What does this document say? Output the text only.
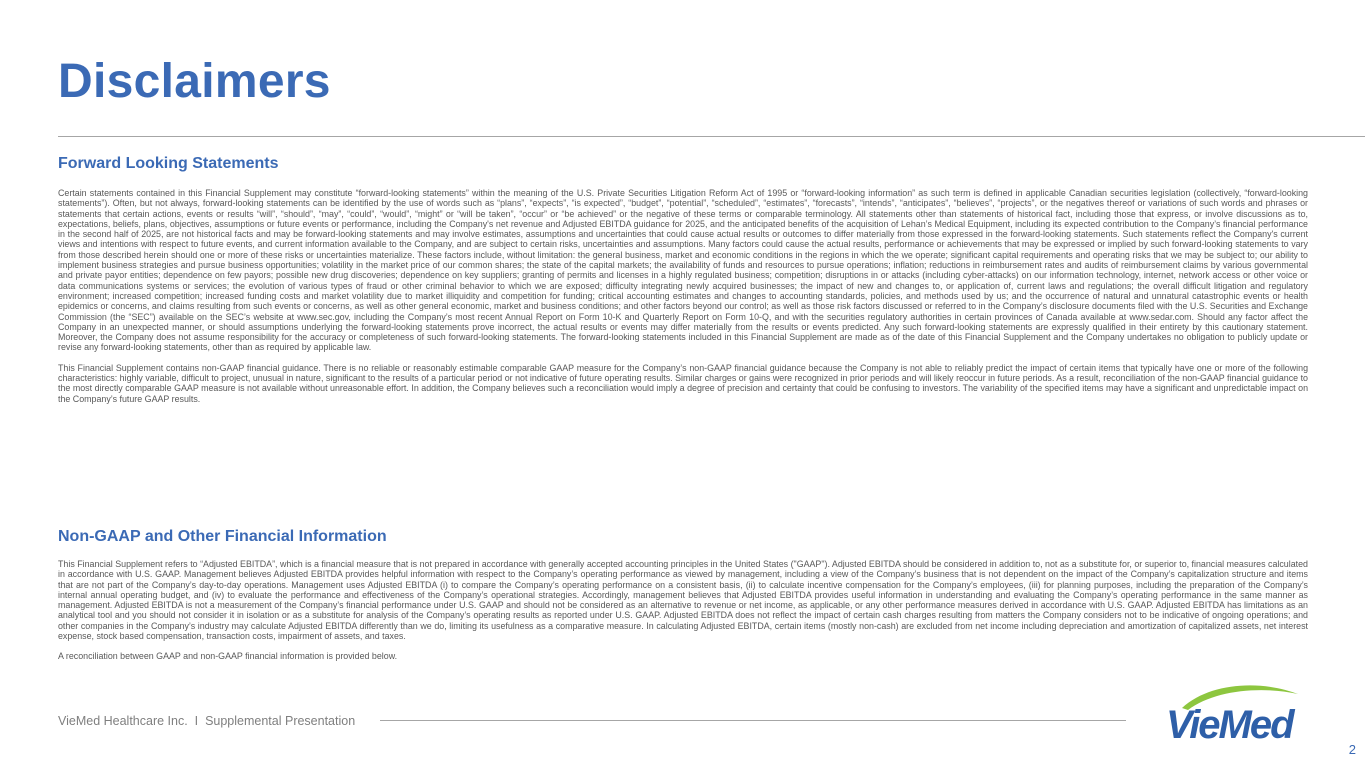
Disclaimers
Forward Looking Statements

Certain statements contained in this Financial Supplement may constitute “forward-looking statements” within the meaning of the U.S. Private Securities Litigation Reform Act of 1995 or “forward-looking information” as such term is defined in applicable Canadian securities legislation (collectively, “forward-looking statements”). Often, but not always, forward-looking statements can be identified by the use of words such as “plans”, “expects”, “is expected”, “budget”, “potential”, “scheduled”, “estimates”, “forecasts”, “intends”, “anticipates”, “believes”, “projects”, or the negatives thereof or variations of such words and phrases or statements that certain actions, events or results “will”, “should”, “may”, “could”, “would”, “might” or “will be taken”, “occur” or “be achieved” or the negative of these terms or comparable terminology. All statements other than statements of historical fact, including those that express, or involve discussions as to, expectations, beliefs, plans, objectives, assumptions or future events or performance, including the Company's net revenue and Adjusted EBITDA guidance for 2025, and the anticipated benefits of the acquisition of Lehan’s Medical Equipment, including its expected contribution to the Company’s financial performance in the second half of 2025, are not historical facts and may be forward-looking statements and may involve estimates, assumptions and uncertainties that could cause actual results or outcomes to differ materially from those expressed in the forward-looking statements. Such statements reflect the Company's current views and intentions with respect to future events, and current information available to the Company, and are subject to certain risks, uncertainties and assumptions. Many factors could cause the actual results, performance or achievements that may be expressed or implied by such forward-looking statements to vary from those described herein should one or more of these risks or uncertainties materialize. These factors include, without limitation: the general business, market and economic conditions in the regions in which the we operate; significant capital requirements and operating risks that we may be subject to; our ability to implement business strategies and pursue business opportunities; volatility in the market price of our common shares; the state of the capital markets; the availability of funds and resources to pursue operations; inflation; reductions in reimbursement rates and audits of reimbursement claims by various governmental and private payor entities; dependence on few payors; possible new drug discoveries; dependence on key suppliers; granting of permits and licenses in a highly regulated business; competition; disruptions in or attacks (including cyber-attacks) on our information technology, internet, network access or other voice or data communications systems or services; the evolution of various types of fraud or other criminal behavior to which we are exposed; difficulty integrating newly acquired businesses; the impact of new and changes to, or application of, current laws and regulations; the overall difficult litigation and regulatory environment; increased competition; increased funding costs and market volatility due to market illiquidity and competition for funding; critical accounting estimates and changes to accounting standards, policies, and methods used by us; and the occurrence of natural and unnatural catastrophic events or health epidemics or concerns, and claims resulting from such events or concerns, as well as other general economic, market and business conditions; and other factors beyond our control; as well as those risk factors discussed or referred to in the Company’s disclosure documents filed with the U.S. Securities and Exchange Commission (the “SEC”) available on the SEC’s website at www.sec.gov, including the Company’s most recent Annual Report on Form 10-K and Quarterly Report on Form 10-Q, and with the securities regulatory authorities in certain provinces of Canada available at www.sedar.com. Should any factor affect the Company in an unexpected manner, or should assumptions underlying the forward-looking statements prove incorrect, the actual results or events may differ materially from the results or events predicted. Any such forward-looking statements are expressly qualified in their entirety by this cautionary statement. Moreover, the Company does not assume responsibility for the accuracy or completeness of such forward-looking statements. The forward-looking statements included in this Financial Supplement are made as of the date of this Financial Supplement and the Company undertakes no obligation to publicly update or revise any forward-looking statements, other than as required by applicable law.

This Financial Supplement contains non-GAAP financial guidance. There is no reliable or reasonably estimable comparable GAAP measure for the Company’s non-GAAP financial guidance because the Company is not able to reliably predict the impact of certain items that typically have one or more of the following characteristics: highly variable, difficult to project, unusual in nature, significant to the results of a particular period or not indicative of future operating results. Similar charges or gains were recognized in prior periods and will likely reoccur in future periods. As a result, reconciliation of the non-GAAP financial guidance to the most directly comparable GAAP measure is not available without unreasonable effort. In addition, the Company believes such a reconciliation would imply a degree of precision and certainty that could be confusing to investors. The variability of the specified items may have a significant and unpredictable impact on the Company’s future GAAP results.

Non-GAAP and Other Financial Information

This Financial Supplement refers to “Adjusted EBITDA”, which is a financial measure that is not prepared in accordance with generally accepted accounting principles in the United States ("GAAP"). Adjusted EBITDA should be considered in addition to, not as a substitute for, or superior to, financial measures calculated in accordance with U.S. GAAP. Management believes Adjusted EBITDA provides helpful information with respect to the Company’s operating performance as viewed by management, including a view of the Company’s business that is not dependent on the impact of the Company’s capitalization structure and items that are not part of the Company’s day-to-day operations. Management uses Adjusted EBITDA (i) to compare the Company’s operating performance on a consistent basis, (ii) to calculate incentive compensation for the Company’s employees, (iii) for planning purposes, including the preparation of the Company’s internal annual operating budget, and (iv) to evaluate the performance and effectiveness of the Company’s operational strategies. Accordingly, management believes that Adjusted EBITDA provides useful information in understanding and evaluating the Company’s operating performance in the same manner as management. Adjusted EBITDA is not a measurement of the Company’s financial performance under U.S. GAAP and should not be considered as an alternative to revenue or net income, as applicable, or any other performance measures derived in accordance with U.S. GAAP. Adjusted EBITDA has limitations as an analytical tool and you should not consider it in isolation or as a substitute for analysis of the Company’s operating results as reported under U.S. GAAP. Adjusted EBITDA does not reflect the impact of certain cash charges resulting from matters the Company considers not to be indicative of ongoing operations; and other companies in the Company’s industry may calculate Adjusted EBITDA differently than we do, limiting its usefulness as a comparative measure. In calculating Adjusted EBITDA, certain items (mostly non-cash) are excluded from net income including depreciation and amortization of capitalized assets, net interest expense, stock based compensation, transaction costs, impairment of assets, and taxes.

A reconciliation between GAAP and non-GAAP financial information is provided below.

VieMed Healthcare Inc.  I  Supplemental Presentation	VieMed
2
